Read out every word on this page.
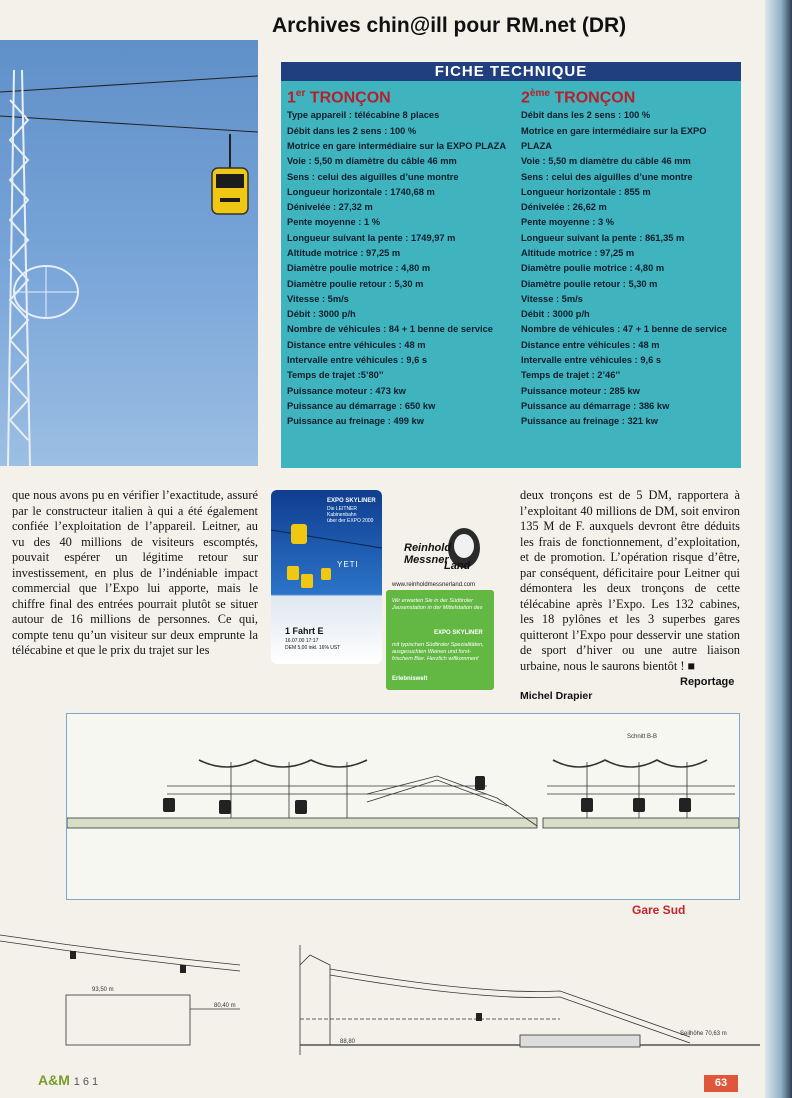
Archives chin@ill pour RM.net (DR)
FICHE TECHNIQUE
1er TRONÇON

Type appareil : télécabine 8 places

Débit dans les 2 sens : 100 %

Motrice en gare intermédiaire sur la EXPO PLAZA

Voie : 5,50 m diamètre du câble 46 mm

Sens : celui des aiguilles d’une montre

Longueur horizontale : 1740,68 m

Dénivelée : 27,32 m

Pente moyenne : 1 %

Longueur suivant la pente : 1749,97 m

Altitude motrice : 97,25 m

Diamètre poulie motrice : 4,80 m

Diamètre poulie retour : 5,30 m

Vitesse : 5m/s

Débit : 3000 p/h

Nombre de véhicules : 84 + 1 benne de service

Distance entre véhicules : 48 m

Intervalle entre véhicules : 9,6 s

Temps de trajet :5’80’’

Puissance moteur : 473 kw

Puissance au démarrage : 650 kw

Puissance au freinage : 499 kw

2ème TRONÇON

Débit dans les 2 sens : 100 %

Motrice en gare intermédiaire sur la EXPO PLAZA

Voie : 5,50 m diamètre du câble 46 mm

Sens : celui des aiguilles d’une montre

Longueur horizontale : 855 m

Dénivelée : 26,62 m

Pente moyenne : 3 %

Longueur suivant la pente : 861,35 m

Altitude motrice : 97,25 m

Diamètre poulie motrice : 4,80 m

Diamètre poulie retour : 5,30 m

Vitesse : 5m/s

Débit : 3000 p/h

Nombre de véhicules : 47 + 1 benne de service

Distance entre véhicules : 48 m

Intervalle entre véhicules : 9,6 s

Temps de trajet : 2’46’’

Puissance moteur : 285 kw

Puissance au démarrage : 386 kw

Puissance au freinage : 321 kw

que nous avons pu en vérifier l’exactitude, assuré par le constructeur italien à qui a été également confiée l’exploitation de l’appareil. Leitner, au vu des 40 millions de visiteurs escomptés, pouvait espérer un légitime retour sur investissement, en plus de l’indéniable impact commercial que l’Expo lui apporte, mais le chiffre final des entrées pourrait plutôt se situer autour de 16 millions de personnes. Ce qui, compte tenu qu’un visiteur sur deux emprunte la télécabine et que le prix du trajet sur les
deux tronçons est de 5 DM, rapportera à l’exploitant 40 millions de DM, soit environ 135 M de F. auxquels devront être déduits les frais de fonctionnement, d’exploitation, et de promotion. L’opération risque d’être, par conséquent, déficitaire pour Leitner qui démontera les deux tronçons de cette télécabine après l’Expo. Les 132 cabines, les 18 pylônes et les 3 superbes gares quitteront l’Expo pour desservir une station de sport d’hiver ou une autre liaison urbaine, nous le saurons bientôt ! ■
Reportage
Michel Drapier
EXPO SKYLINER
Die LEITNER
Kabinenbahn
über der EXPO 2000
YETI
1 Fahrt E
16.07.00 17:17
DEM 5,00 inkl. 16% UST
Reinhold Messner
Land
www.reinholdmessnerland.com
Wir erwarten Sie in der Südtiroler Jausenstation in der Mittelstation des
EXPO SKYLINER
mit typischen Südtiroler Spezialitäten, ausgesuchten Weinen und forst- frischem Bier. Herzlich willkommen!
Erlebniswelt
Schnitt B-B
Gare Sud
93,50 m
80,40 m
Seilhöhe 70,63 m
88,80
A&M 161	63
